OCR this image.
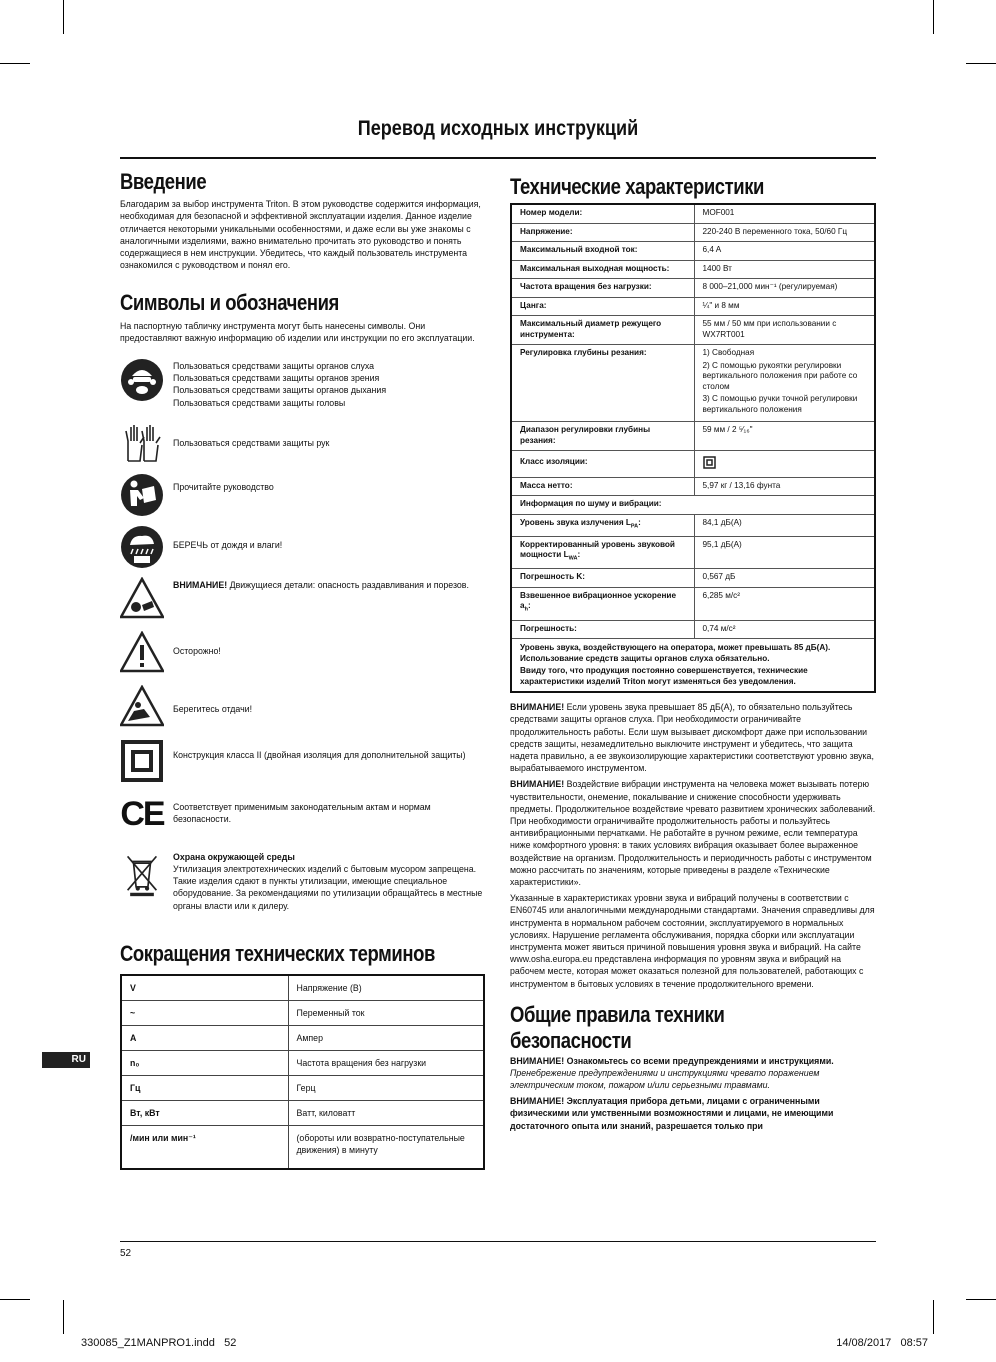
Перевод исходных инструкций
Введение

Благодарим за выбор инструмента Triton. В этом руководстве содержится информация, необходимая для безопасной и эффективной эксплуатации изделия. Данное изделие отличается некоторыми уникальными особенностями, и даже если вы уже знакомы с аналогичными изделиями, важно внимательно прочитать это руководство и понять содержащиеся в нем инструкции. Убедитесь, что каждый пользователь инструмента ознакомился с руководством и понял его.

Символы и обозначения

На паспортную табличку инструмента могут быть нанесены символы. Они предоставляют важную информацию об изделии или инструкции по его эксплуатации.

Пользоваться средствами защиты органов слуха
Пользоваться средствами защиты органов зрения
Пользоваться средствами защиты органов дыхания
Пользоваться средствами защиты головы
Пользоваться средствами защиты рук
Прочитайте руководство
БЕРЕЧЬ от дождя и влаги!
ВНИМАНИЕ! Движущиеся детали: опасность раздавливания и порезов.
Осторожно!
Берегитесь отдачи!
Конструкция класса II (двойная изоляция для дополнительной защиты)
CE Соответствует применимым законодательным актам и нормам безопасности.
Охрана окружающей среды
Утилизация электротехнических изделий с бытовым мусором запрещена. Такие изделия сдают в пункты утилизации, имеющие специальное оборудование. За рекомендациями по утилизации обращайтесь в местные органы власти или к дилеру.
Сокращения технических терминов
V	Напряжение (В)
~	Переменный ток
A	Ампер
n₀	Частота вращения без нагрузки
Гц	Герц
Вт, кВт	Ватт, киловатт
/мин или мин⁻¹	(обороты или возвратно-поступательные движения) в минуту
Технические характеристики
Номер модели:	MOF001
Напряжение:	220-240 В переменного тока, 50/60 Гц
Максимальный входной ток:	6,4 A
Максимальная выходная мощность:	1400 Вт
Частота вращения без нагрузки:	8 000–21,000 мин⁻¹ (регулируемая)
Цанга:	¼" и 8 мм
Максимальный диаметр режущего инструмента:	55 мм / 50 мм при использовании с WX7RT001
Регулировка глубины резания:	1) Свободная
2) С помощью рукоятки регулировки вертикального положения при работе со столом
3) С помощью ручки точной регулировки вертикального положения

Диапазон регулировки глубины резания:	59 мм / 2 ⁵⁄₁₆"
Класс изоляции:	
Масса нетто:	5,97 кг / 13,16 фунта
Информация по шуму и вибрации:	
Уровень звука излучения $L_{PA}$:	84,1 дБ(A)
Корректированный уровень звуковой мощности $L_{WA}$:	95,1 дБ(A)
Погрешность K:	0,567 дБ
Взвешенное вибрационное ускорение $a_h$:	6,285 м/с²
Погрешность:	0,74 м/с²

Уровень звука, воздействующего на оператора, может превышать 85 дБ(A). Использование средств защиты органов слуха обязательно.
Ввиду того, что продукция постоянно совершенствуется, технические характеристики изделий Triton могут изменяться без уведомления.	

ВНИМАНИЕ! Если уровень звука превышает 85 дБ(A), то обязательно пользуйтесь средствами защиты органов слуха. При необходимости ограничивайте продолжительность работы. Если шум вызывает дискомфорт даже при использовании средств защиты, незамедлительно выключите инструмент и убедитесь, что защита надета правильно, а ее звукоизолирующие характеристики соответствуют уровню звука, вырабатываемого инструментом.

ВНИМАНИЕ! Воздействие вибрации инструмента на человека может вызывать потерю чувствительности, онемение, покалывание и снижение способности удерживать предметы. Продолжительное воздействие чревато развитием хронических заболеваний. При необходимости ограничивайте продолжительность работы и пользуйтесь антивибрационными перчатками. Не работайте в ручном режиме, если температура ниже комфортного уровня: в таких условиях вибрация оказывает более выраженное воздействие на организм. Продолжительность и периодичность работы с инструментом можно рассчитать по значениям, которые приведены в разделе «Технические характеристики».

Указанные в характеристиках уровни звука и вибраций получены в соответствии с EN60745 или аналогичными международными стандартами. Значения справедливы для инструмента в нормальном рабочем состоянии, эксплуатируемого в нормальных условиях. Нарушение регламента обслуживания, порядка сборки или эксплуатации инструмента может явиться причиной повышения уровня звука и вибраций. На сайте www.osha.europa.eu представлена информация по уровням звука и вибраций на рабочем месте, которая может оказаться полезной для пользователей, работающих с инструментом в бытовых условиях в течение продолжительного времени.

Общие правила техники
безопасности

ВНИМАНИЕ! Ознакомьтесь со всеми предупреждениями и инструкциями. Пренебрежение предупреждениями и инструкциями чревато поражением электрическим током, пожаром и/или серьезными травмами.

ВНИМАНИЕ! Эксплуатация прибора детьми, лицами с ограниченными физическими или умственными возможностями и лицами, не имеющими достаточного опыта или знаний, разрешается только при

52
RU
330085_Z1MANPRO1.indd   52	14/08/2017   08:57
